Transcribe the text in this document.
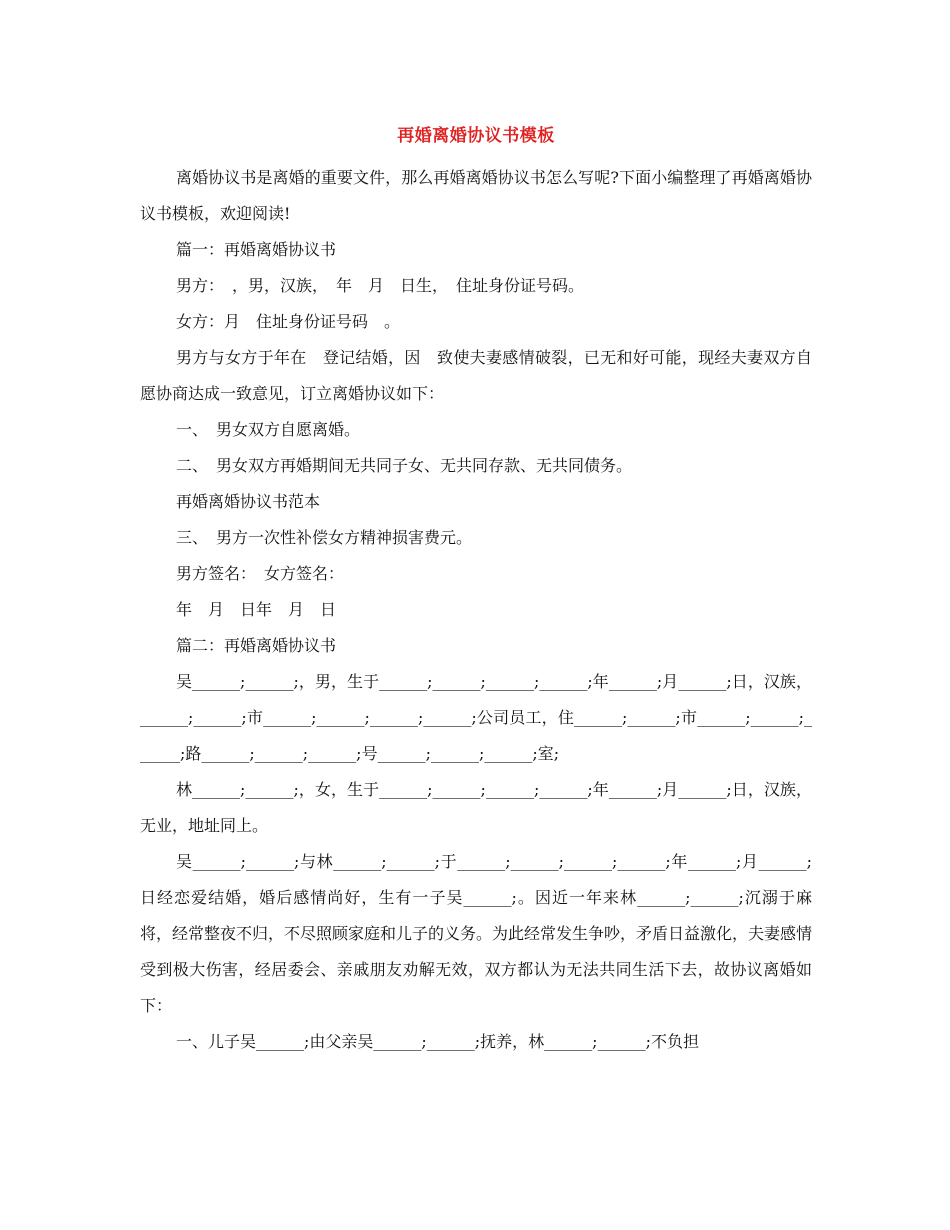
再婚离婚协议书模板

离婚协议书是离婚的重要文件，那么再婚离婚协议书怎么写呢?下面小编整理了再婚离婚协议书模板，欢迎阅读!

篇一：再婚离婚协议书

男方：　，男，汉族，　年　月　日生，　住址身份证号码。

女方：月　住址身份证号码　。

男方与女方于年在　登记结婚，因　致使夫妻感情破裂，已无和好可能，现经夫妻双方自愿协商达成一致意见，订立离婚协议如下：

一、　男女双方自愿离婚。

二、　男女双方再婚期间无共同子女、无共同存款、无共同债务。

再婚离婚协议书范本

三、　男方一次性补偿女方精神损害费元。

男方签名：　女方签名：

年　月　日年　月　日

篇二：再婚离婚协议书

吴______;______;，男，生于______;______;______;______;年______;月______;日，汉族，______;______;市______;______;______;______;公司员工，住______;______;市______;______;______;路______;______;______;号______;______;______;室;

林______;______;，女，生于______;______;______;______;年______;月______;日，汉族，无业，地址同上。

吴______;______;与林______;______;于______;______;______;______;年______;月______;日经恋爱结婚，婚后感情尚好，生有一子吴______;。因近一年来林______;______;沉溺于麻将，经常整夜不归，不尽照顾家庭和儿子的义务。为此经常发生争吵，矛盾日益激化，夫妻感情受到极大伤害，经居委会、亲戚朋友劝解无效，双方都认为无法共同生活下去，故协议离婚如下：

一、儿子吴______;由父亲吴______;______;抚养，林______;______;不负担
